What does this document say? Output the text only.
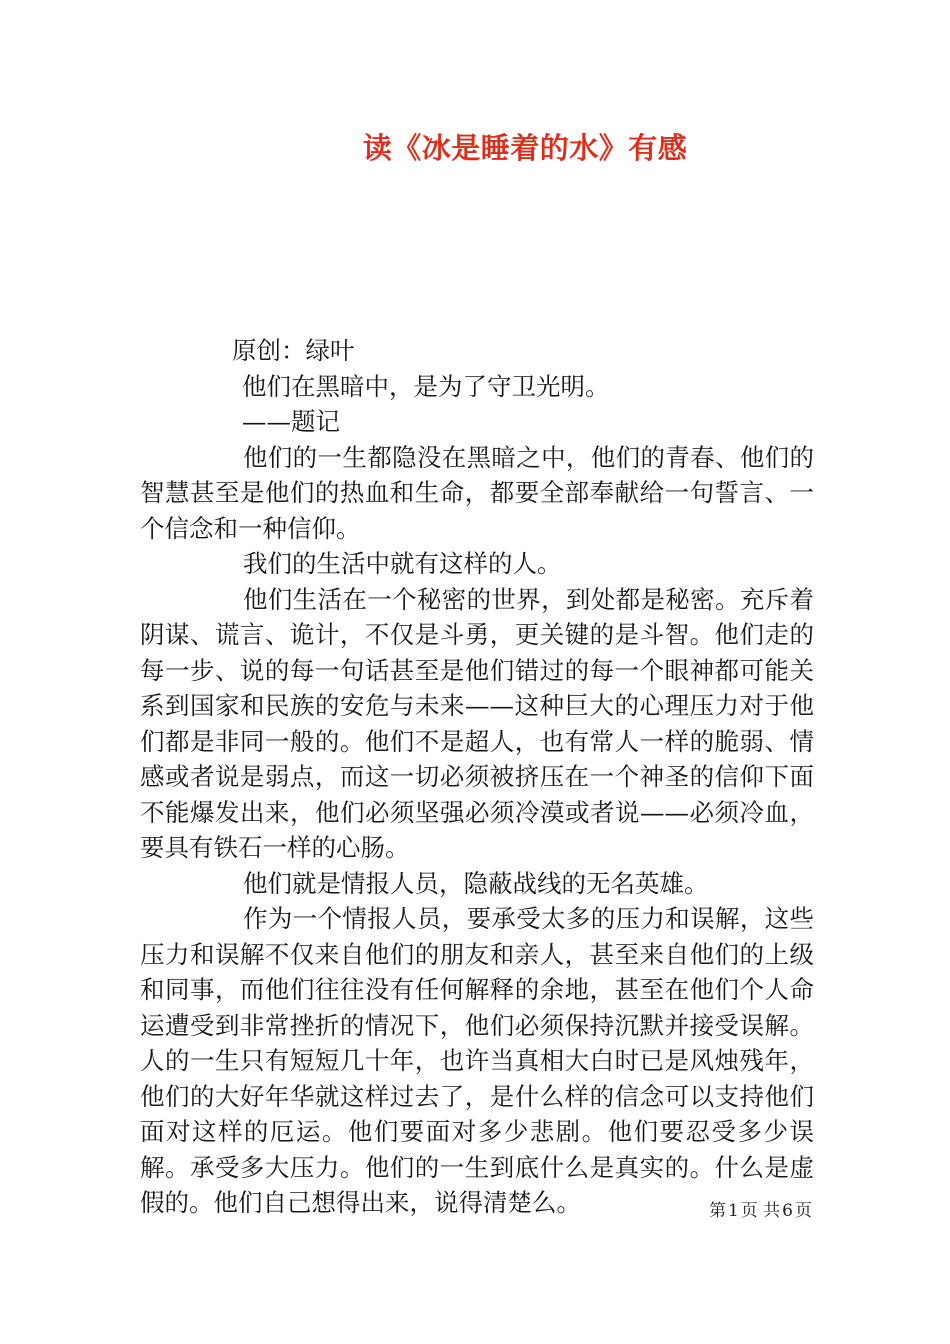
读《冰是睡着的水》有感

原创：绿叶

他们在黑暗中，是为了守卫光明。

——题记

他们的一生都隐没在黑暗之中，他们的青春、他们的智慧甚至是他们的热血和生命，都要全部奉献给一句誓言、一个信念和一种信仰。

我们的生活中就有这样的人。

他们生活在一个秘密的世界，到处都是秘密。充斥着阴谋、谎言、诡计，不仅是斗勇，更关键的是斗智。他们走的每一步、说的每一句话甚至是他们错过的每一个眼神都可能关系到国家和民族的安危与未来——这种巨大的心理压力对于他们都是非同一般的。他们不是超人，也有常人一样的脆弱、情感或者说是弱点，而这一切必须被挤压在一个神圣的信仰下面不能爆发出来，他们必须坚强必须冷漠或者说——必须冷血，要具有铁石一样的心肠。

他们就是情报人员，隐蔽战线的无名英雄。

作为一个情报人员，要承受太多的压力和误解，这些压力和误解不仅来自他们的朋友和亲人，甚至来自他们的上级和同事，而他们往往没有任何解释的余地，甚至在他们个人命运遭受到非常挫折的情况下，他们必须保持沉默并接受误解。人的一生只有短短几十年，也许当真相大白时已是风烛残年，他们的大好年华就这样过去了，是什么样的信念可以支持他们面对这样的厄运。他们要面对多少悲剧。他们要忍受多少误解。承受多大压力。他们的一生到底什么是真实的。什么是虚假的。他们自己想得出来，说得清楚么。	第 1 页 共 6 页
